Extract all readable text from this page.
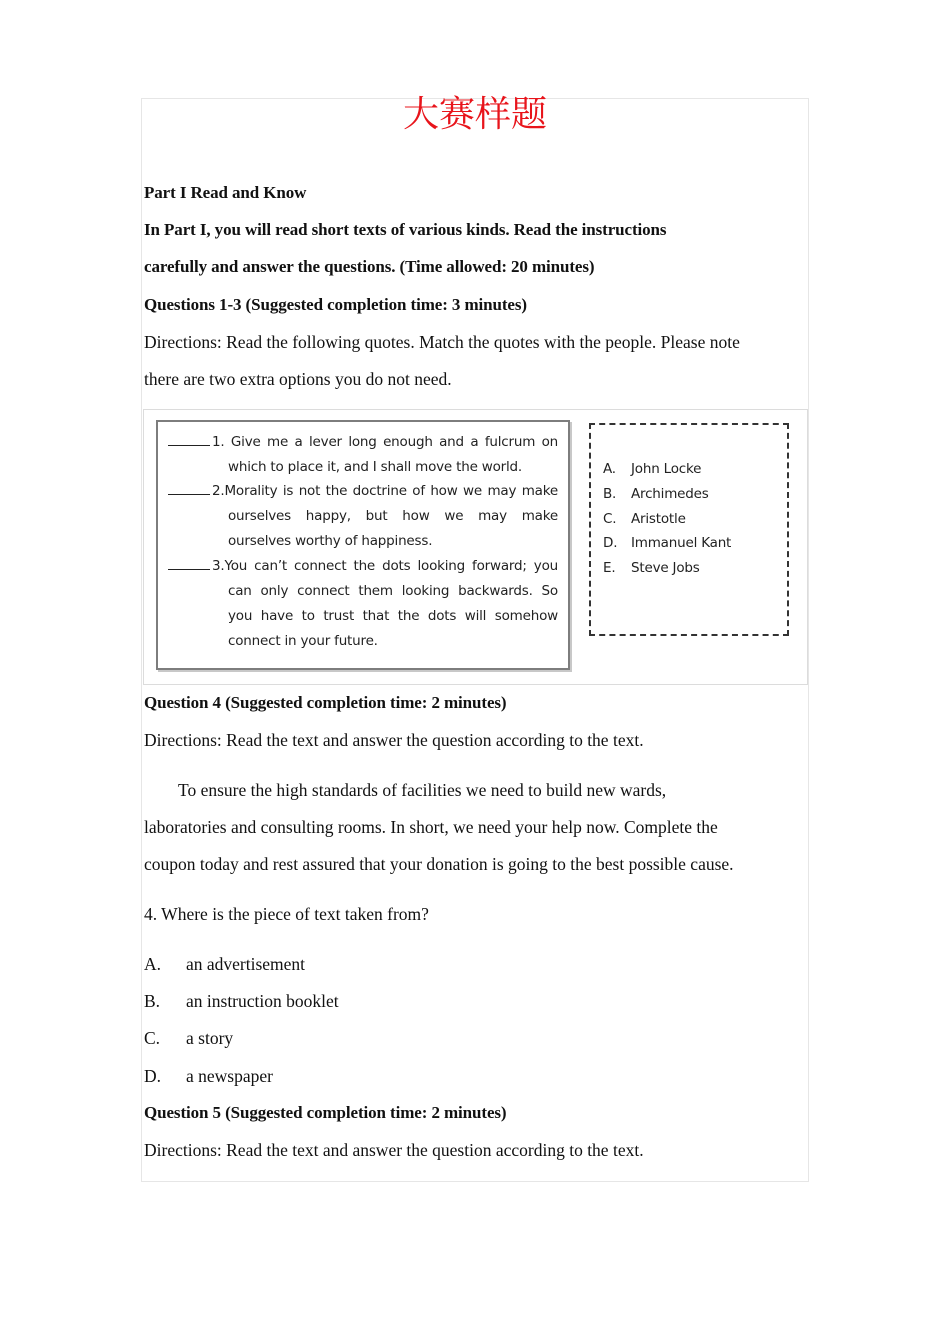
大赛样题
Part I Read and Know
In Part I, you will read short texts of various kinds. Read the instructions
carefully and answer the questions. (Time allowed: 20 minutes)
Questions 1-3 (Suggested completion time: 3 minutes)
Directions: Read the following quotes. Match the quotes with the people. Please note
there are two extra options you do not need.
1. Give me a lever long enough and a fulcrum on
which to place it, and I shall move the world.
2.Morality is not the doctrine of how we may make
ourselves happy, but how we may make
ourselves worthy of happiness.
3.You can’t connect the dots looking forward; you
can only connect them looking backwards. So
you have to trust that the dots will somehow
connect in your future.
A. John Locke
B. Archimedes
C. Aristotle
D. Immanuel Kant
E. Steve Jobs
Question 4 (Suggested completion time: 2 minutes)
Directions: Read the text and answer the question according to the text.
To ensure the high standards of facilities we need to build new wards,
laboratories and consulting rooms. In short, we need your help now. Complete the
coupon today and rest assured that your donation is going to the best possible cause.
4. Where is the piece of text taken from?
A. an advertisement
B. an instruction booklet
C. a story
D. a newspaper
Question 5 (Suggested completion time: 2 minutes)
Directions: Read the text and answer the question according to the text.
